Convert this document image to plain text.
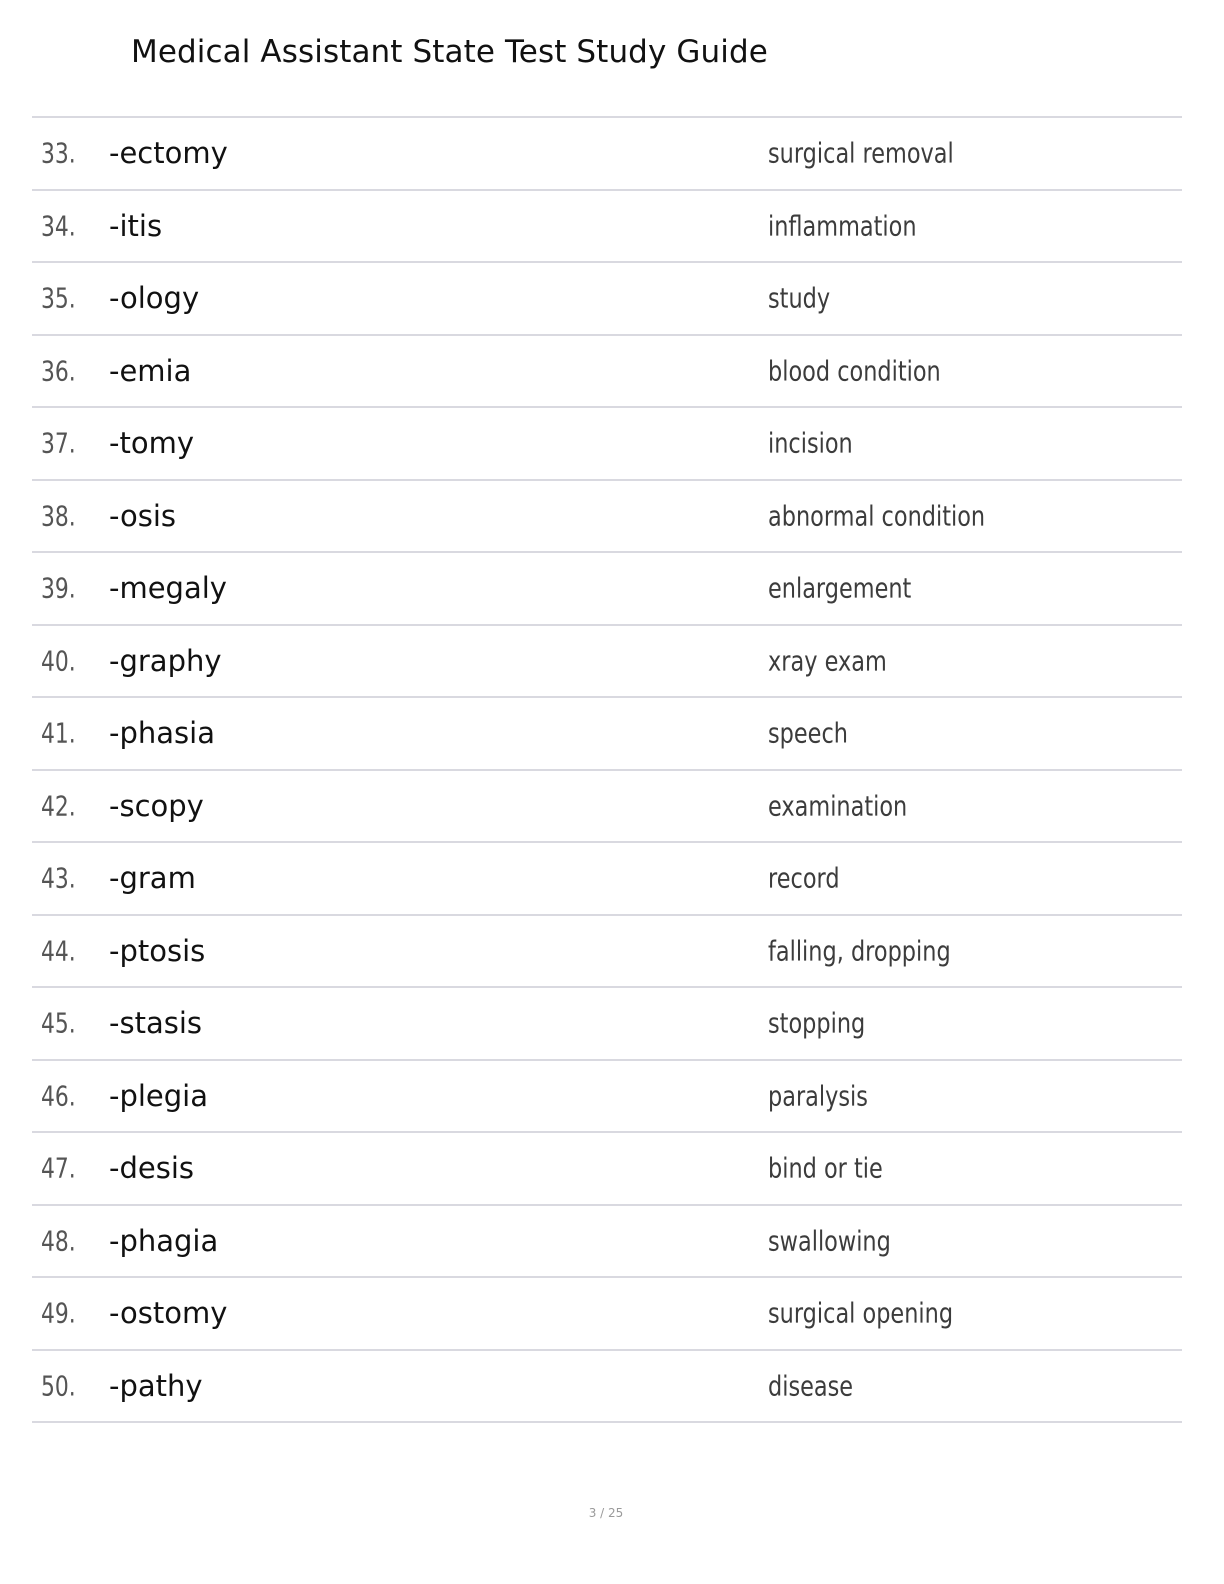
Medical Assistant State Test Study Guide
33. -ectomy	surgical removal
34. -itis	inflammation
35. -ology	study
36. -emia	blood condition
37. -tomy	incision
38. -osis	abnormal condition
39. -megaly	enlargement
40. -graphy	xray exam
41. -phasia	speech
42. -scopy	examination
43. -gram	record
44. -ptosis	falling, dropping
45. -stasis	stopping
46. -plegia	paralysis
47. -desis	bind or tie
48. -phagia	swallowing
49. -ostomy	surgical opening
50. -pathy	disease
3 / 25
